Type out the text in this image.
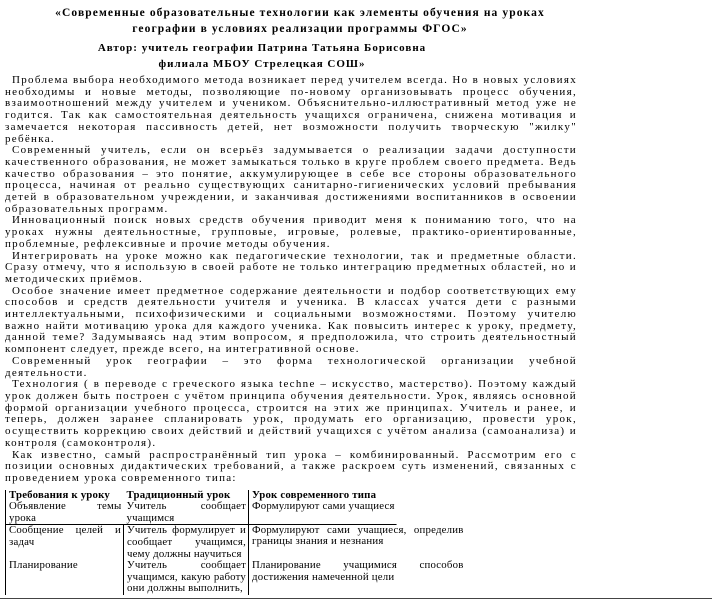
«Современные образовательные технологии как элементы обучения на уроках
географии в условиях реализации программы ФГОС»
Автор: учитель географии Патрина Татьяна Борисовна
филиала МБОУ Стрелецкая СОШ»

Проблема выбора необходимого метода возникает перед учителем всегда. Но в новых условиях необходимы и новые методы, позволяющие по-новому организовывать процесс обучения, взаимоотношений между учителем и учеником. Объяснительно-иллюстративный метод уже не годится. Так как самостоятельная деятельность учащихся ограничена, снижена мотивация и замечается некоторая пассивность детей, нет возможности получить творческую "жилку" ребёнка.

Современный учитель, если он всерьёз задумывается о реализации задачи доступности качественного образования, не может замыкаться только в круге проблем своего предмета. Ведь качество образования – это понятие, аккумулирующее в себе все стороны образовательного процесса, начиная от реально существующих санитарно-гигиенических условий пребывания детей в образовательном учреждении, и заканчивая достижениями воспитанников в освоении образовательных программ.

Инновационный поиск новых средств обучения приводит меня к пониманию того, что на уроках нужны деятельностные, групповые, игровые, ролевые, практико-ориентированные, проблемные, рефлексивные и прочие методы обучения.

Интегрировать на уроке можно как педагогические технологии, так и предметные области. Сразу отмечу, что я использую в своей работе не только интеграцию предметных областей, но и методических приёмов.

Особое значение имеет предметное содержание деятельности и подбор соответствующих ему способов и средств деятельности учителя и ученика. В классах учатся дети с разными интеллектуальными, психофизическими и социальными возможностями. Поэтому учителю важно найти мотивацию урока для каждого ученика. Как повысить интерес к уроку, предмету, данной теме? Задумываясь над этим вопросом, я предположила, что строить деятельностный компонент следует, прежде всего, на интегративной основе.

Современный урок географии – это форма технологической организации учебной деятельности.

Технология ( в переводе с греческого языка techne – искусство, мастерство). Поэтому каждый урок должен быть построен с учётом принципа обучения деятельности. Урок, являясь основной формой организации учебного процесса, строится на этих же принципах. Учитель и ранее, и теперь, должен заранее спланировать урок, продумать его организацию, провести урок, осуществить коррекцию своих действий и действий учащихся с учётом анализа (самоанализа) и контроля (самоконтроля).

Как известно, самый распространённый тип урока – комбинированный. Рассмотрим его с позиции основных дидактических требований, а также раскроем суть изменений, связанных с проведением урока современного типа:

Требования к уроку	Традиционный урок	Урок современного типа
Объявление темы урока	Учитель сообщает учащимся	Формулируют сами учащиеся
Сообщение целей и задач	Учитель формулирует и сообщает учащимся, чему должны научиться	Формулируют сами учащиеся, определив границы знания и незнания
Планирование	Учитель сообщает учащимся, какую работу они должны выполнить,	Планирование учащимися способов достижения намеченной цели
